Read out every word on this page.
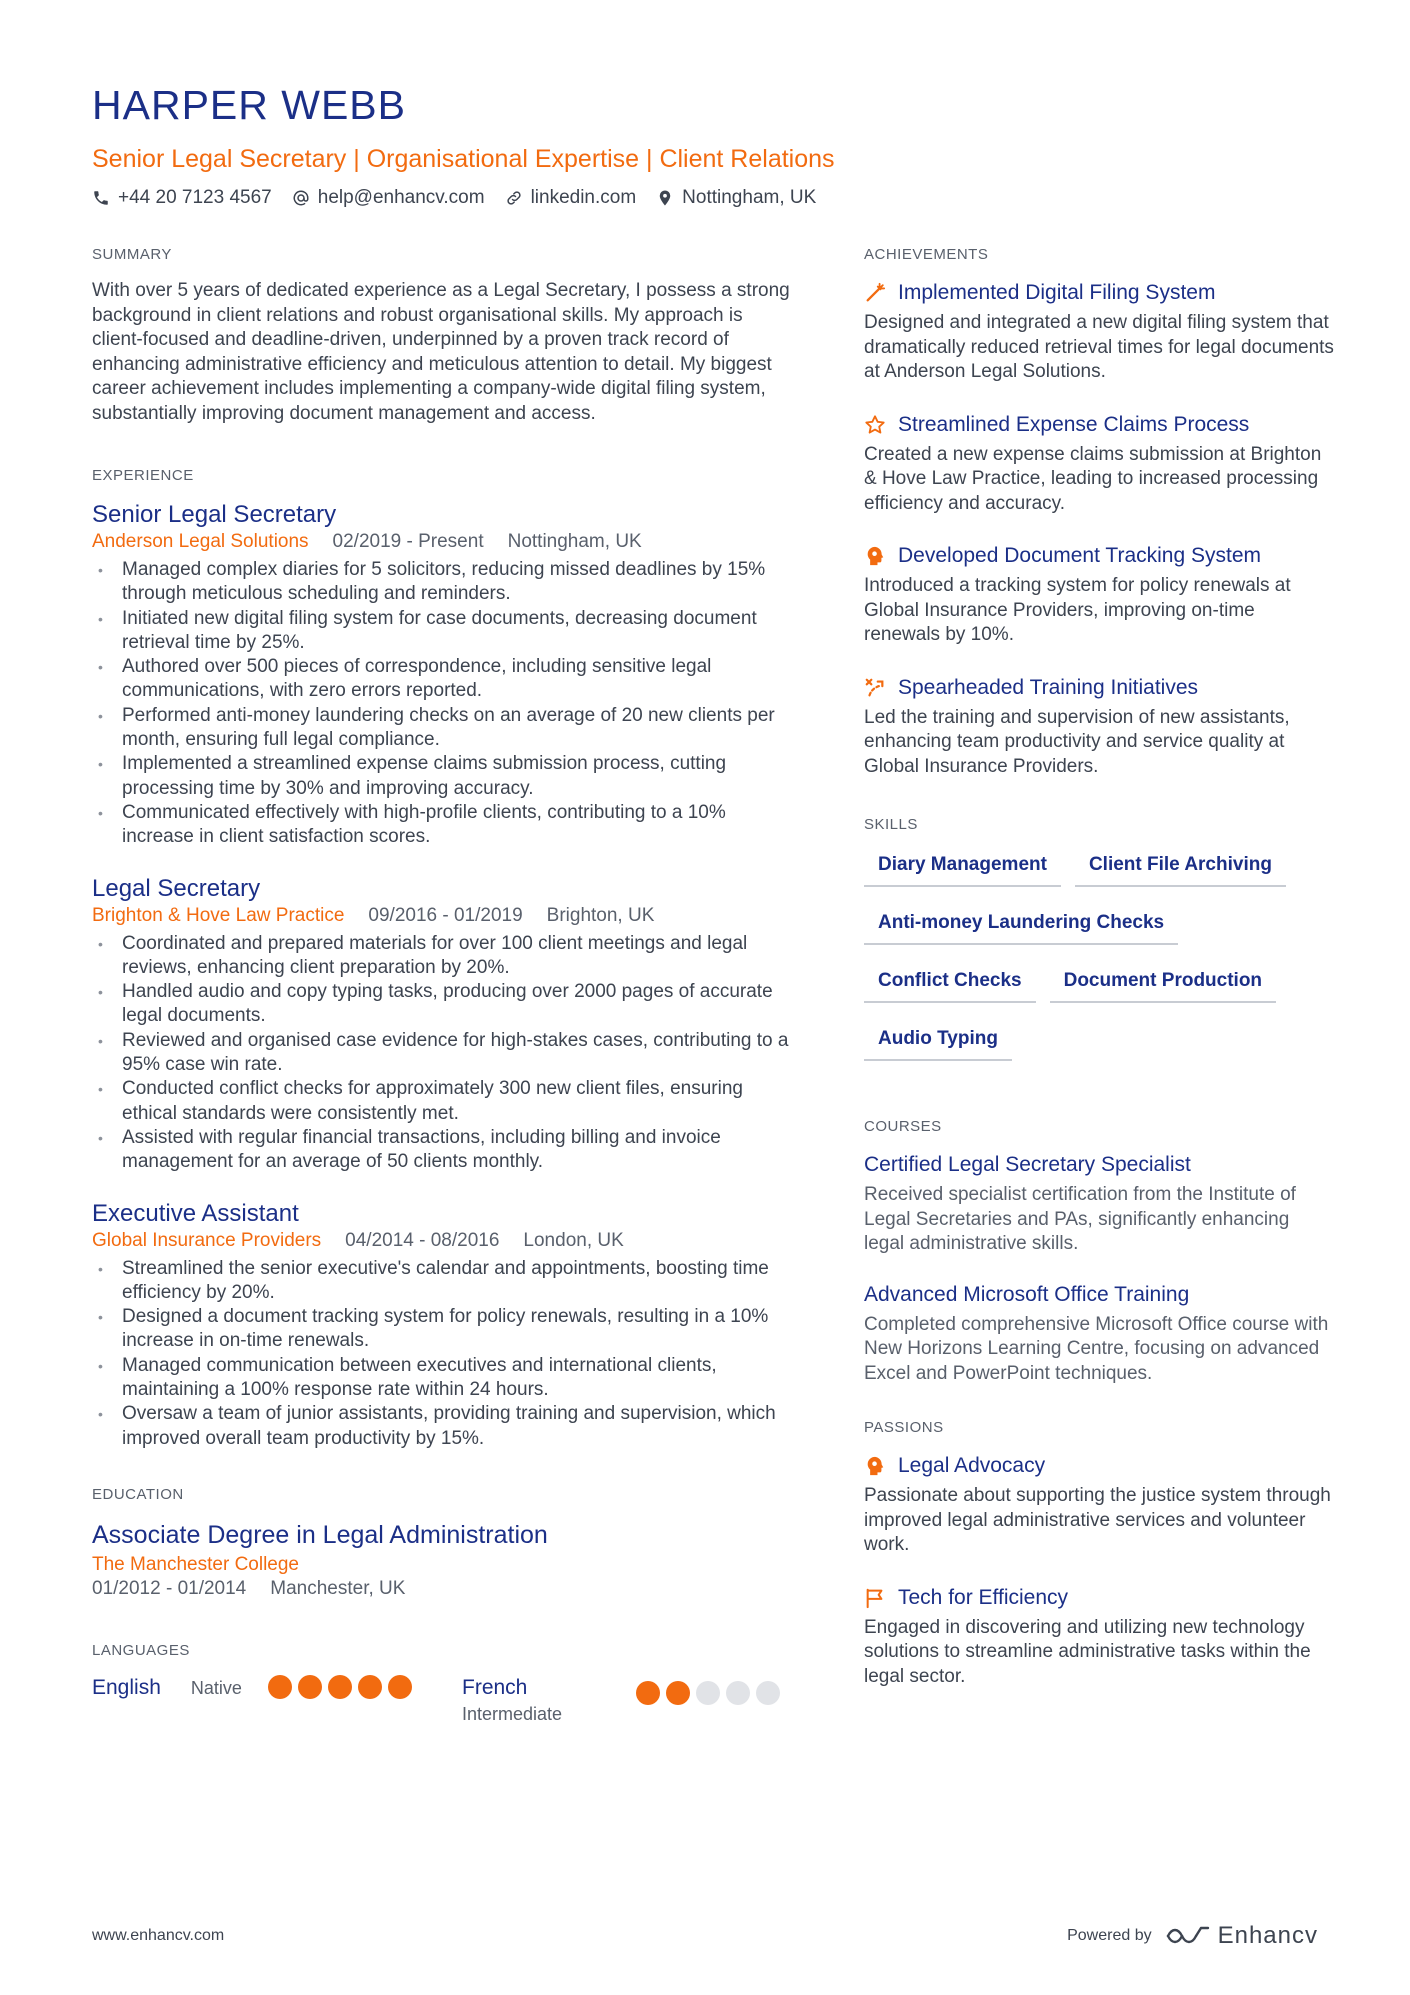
HARPER WEBB
Senior Legal Secretary | Organisational Expertise | Client Relations
+44 20 7123 4567 help@enhancv.com linkedin.com Nottingham, UK
SUMMARY
With over 5 years of dedicated experience as a Legal Secretary, I possess a strong background in client relations and robust organisational skills. My approach is client-focused and deadline-driven, underpinned by a proven track record of enhancing administrative efficiency and meticulous attention to detail. My biggest career achievement includes implementing a company-wide digital filing system, substantially improving document management and access.
EXPERIENCE
Senior Legal Secretary
Anderson Legal Solutions 02/2019 - Present Nottingham, UK
• Managed complex diaries for 5 solicitors, reducing missed deadlines by 15% through meticulous scheduling and reminders.
• Initiated new digital filing system for case documents, decreasing document retrieval time by 25%.
• Authored over 500 pieces of correspondence, including sensitive legal communications, with zero errors reported.
• Performed anti-money laundering checks on an average of 20 new clients per month, ensuring full legal compliance.
• Implemented a streamlined expense claims submission process, cutting processing time by 30% and improving accuracy.
• Communicated effectively with high-profile clients, contributing to a 10% increase in client satisfaction scores.
Legal Secretary
Brighton & Hove Law Practice 09/2016 - 01/2019 Brighton, UK
• Coordinated and prepared materials for over 100 client meetings and legal reviews, enhancing client preparation by 20%.
• Handled audio and copy typing tasks, producing over 2000 pages of accurate legal documents.
• Reviewed and organised case evidence for high-stakes cases, contributing to a 95% case win rate.
• Conducted conflict checks for approximately 300 new client files, ensuring ethical standards were consistently met.
• Assisted with regular financial transactions, including billing and invoice management for an average of 50 clients monthly.
Executive Assistant
Global Insurance Providers 04/2014 - 08/2016 London, UK
• Streamlined the senior executive's calendar and appointments, boosting time efficiency by 20%.
• Designed a document tracking system for policy renewals, resulting in a 10% increase in on-time renewals.
• Managed communication between executives and international clients, maintaining a 100% response rate within 24 hours.
• Oversaw a team of junior assistants, providing training and supervision, which improved overall team productivity by 15%.
EDUCATION
Associate Degree in Legal Administration
The Manchester College
01/2012 - 01/2014 Manchester, UK
LANGUAGES
English Native	French
Intermediate
ACHIEVEMENTS
Implemented Digital Filing System
Designed and integrated a new digital filing system that dramatically reduced retrieval times for legal documents at Anderson Legal Solutions.
Streamlined Expense Claims Process
Created a new expense claims submission at Brighton & Hove Law Practice, leading to increased processing efficiency and accuracy.
Developed Document Tracking System
Introduced a tracking system for policy renewals at Global Insurance Providers, improving on-time renewals by 10%.
Spearheaded Training Initiatives
Led the training and supervision of new assistants, enhancing team productivity and service quality at Global Insurance Providers.
SKILLS
Diary Management	Client File Archiving
Anti-money Laundering Checks
Conflict Checks	Document Production
Audio Typing
COURSES
Certified Legal Secretary Specialist
Received specialist certification from the Institute of Legal Secretaries and PAs, significantly enhancing legal administrative skills.
Advanced Microsoft Office Training
Completed comprehensive Microsoft Office course with New Horizons Learning Centre, focusing on advanced Excel and PowerPoint techniques.
PASSIONS
Legal Advocacy
Passionate about supporting the justice system through improved legal administrative services and volunteer work.
Tech for Efficiency
Engaged in discovering and utilizing new technology solutions to streamline administrative tasks within the legal sector.
www.enhancv.com	Powered by	Enhancv
